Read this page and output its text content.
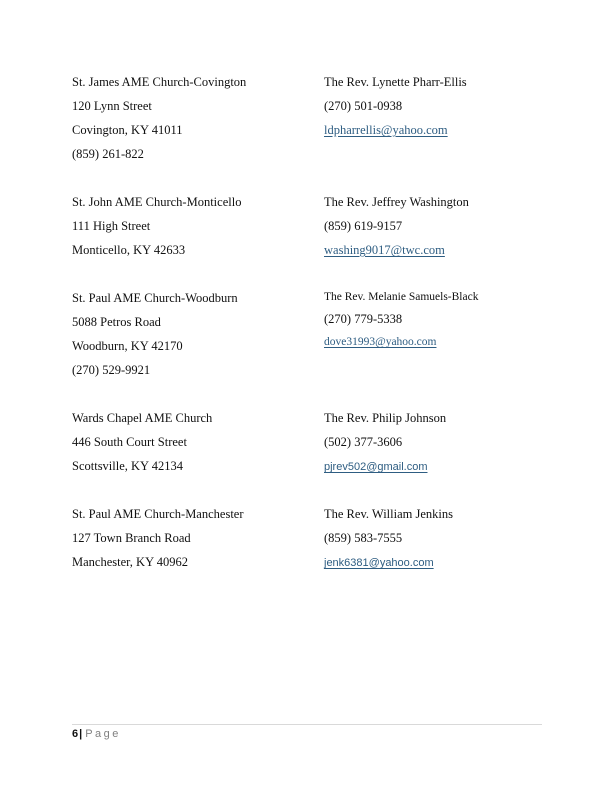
St. James AME Church-Covington
120 Lynn Street
Covington, KY 41011
(859) 261-822
The Rev. Lynette Pharr-Ellis
(270) 501-0938
ldpharrellis@yahoo.com
St. John AME Church-Monticello
111 High Street
Monticello, KY 42633
The Rev. Jeffrey Washington
(859) 619-9157
washing9017@twc.com
St. Paul AME Church-Woodburn
5088 Petros Road
Woodburn, KY 42170
(270) 529-9921
The Rev. Melanie Samuels-Black
(270) 779-5338
dove31993@yahoo.com
Wards Chapel AME Church
446 South Court Street
Scottsville, KY 42134
The Rev. Philip Johnson
(502) 377-3606
pjrev502@gmail.com
St. Paul AME Church-Manchester
127 Town Branch Road
Manchester, KY 40962
The Rev. William Jenkins
(859) 583-7555
jenk6381@yahoo.com
6| Page
